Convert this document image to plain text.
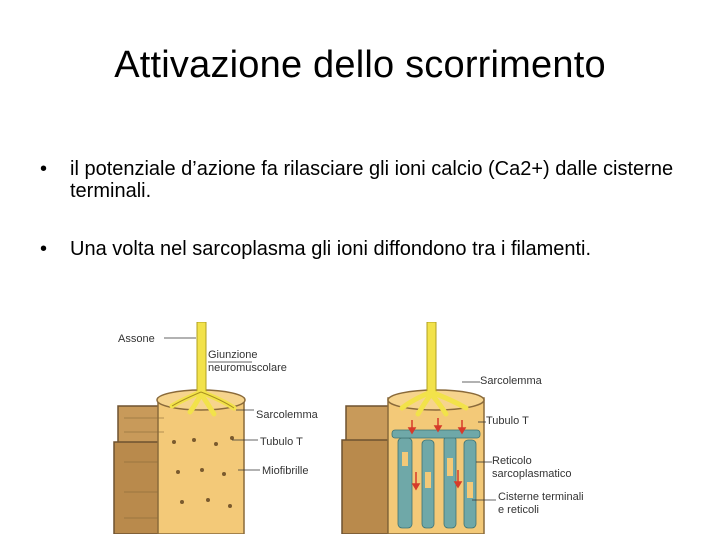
Attivazione dello scorrimento
• il potenziale d’azione fa rilasciare gli ioni calcio (Ca2+) dalle cisterne terminali.
• Una volta nel sarcoplasma gli ioni diffondono tra i filamenti.
Assone
Giunzione
neuromuscolare
Sarcolemma
Tubulo T
Miofibrille
Sarcolemma
Tubulo T
Reticolo
sarcoplasmatico
Cisterne terminali
e reticoli
